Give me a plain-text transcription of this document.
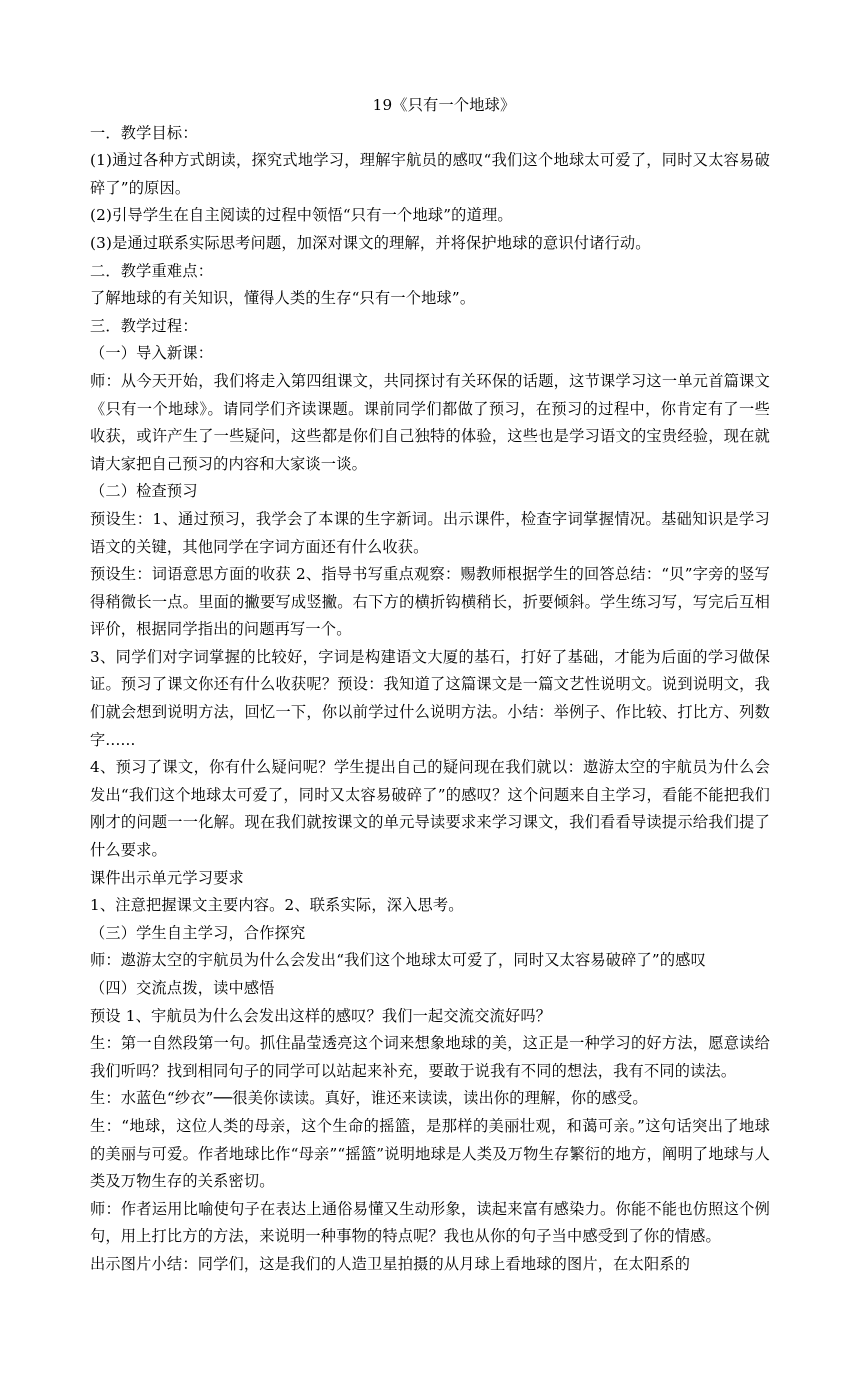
19《只有一个地球》
一．教学目标：
(1)通过各种方式朗读，探究式地学习，理解宇航员的感叹“我们这个地球太可爱了，同时又太容易破碎了”的原因。
(2)引导学生在自主阅读的过程中领悟“只有一个地球”的道理。
(3)是通过联系实际思考问题，加深对课文的理解，并将保护地球的意识付诸行动。
二．教学重难点：
了解地球的有关知识，懂得人类的生存“只有一个地球”。
三．教学过程：
（一）导入新课：
师：从今天开始，我们将走入第四组课文，共同探讨有关环保的话题，这节课学习这一单元首篇课文《只有一个地球》。请同学们齐读课题。课前同学们都做了预习，在预习的过程中，你肯定有了一些收获，或许产生了一些疑问，这些都是你们自己独特的体验，这些也是学习语文的宝贵经验，现在就请大家把自己预习的内容和大家谈一谈。
（二）检查预习
预设生：1、通过预习，我学会了本课的生字新词。出示课件，检查字词掌握情况。基础知识是学习语文的关键，其他同学在字词方面还有什么收获。
预设生：词语意思方面的收获 2、指导书写重点观察：赐教师根据学生的回答总结：“贝”字旁的竖写得稍微长一点。里面的撇要写成竖撇。右下方的横折钩横稍长，折要倾斜。学生练习写，写完后互相评价，根据同学指出的问题再写一个。
3、同学们对字词掌握的比较好，字词是构建语文大厦的基石，打好了基础，才能为后面的学习做保证。预习了课文你还有什么收获呢？预设：我知道了这篇课文是一篇文艺性说明文。说到说明文，我们就会想到说明方法，回忆一下，你以前学过什么说明方法。小结：举例子、作比较、打比方、列数字......
4、预习了课文，你有什么疑问呢？学生提出自己的疑问现在我们就以：遨游太空的宇航员为什么会发出“我们这个地球太可爱了，同时又太容易破碎了”的感叹？这个问题来自主学习，看能不能把我们刚才的问题一一化解。现在我们就按课文的单元导读要求来学习课文，我们看看导读提示给我们提了什么要求。
课件出示单元学习要求
1、注意把握课文主要内容。2、联系实际，深入思考。
（三）学生自主学习，合作探究
师：遨游太空的宇航员为什么会发出“我们这个地球太可爱了，同时又太容易破碎了”的感叹
（四）交流点拨，读中感悟
预设 1、宇航员为什么会发出这样的感叹？我们一起交流交流好吗？
生：第一自然段第一句。抓住晶莹透亮这个词来想象地球的美，这正是一种学习的好方法，愿意读给我们听吗？找到相同句子的同学可以站起来补充，要敢于说我有不同的想法，我有不同的读法。
生：水蓝色“纱衣”──很美你读读。真好，谁还来读读，读出你的理解，你的感受。
生：“地球，这位人类的母亲，这个生命的摇篮，是那样的美丽壮观，和蔼可亲。”这句话突出了地球的美丽与可爱。作者地球比作“母亲”“摇篮”说明地球是人类及万物生存繁衍的地方，阐明了地球与人类及万物生存的关系密切。
师：作者运用比喻使句子在表达上通俗易懂又生动形象，读起来富有感染力。你能不能也仿照这个例句，用上打比方的方法，来说明一种事物的特点呢？我也从你的句子当中感受到了你的情感。
出示图片小结：同学们，这是我们的人造卫星拍摄的从月球上看地球的图片，在太阳系的
